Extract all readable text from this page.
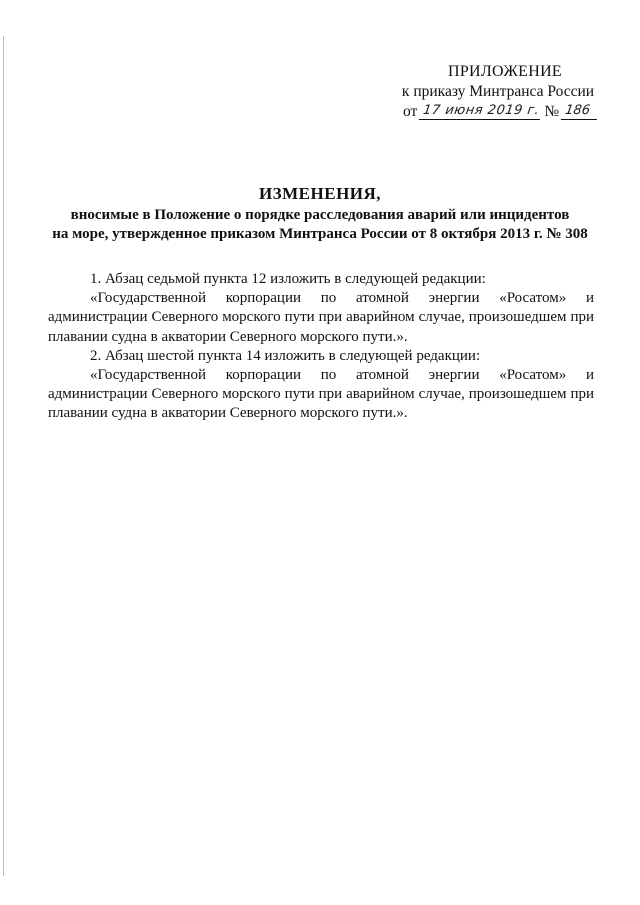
ПРИЛОЖЕНИЕ
к приказу Минтранса России
от 17 июня 2019 г. № 186
ИЗМЕНЕНИЯ,
вносимые в Положение о порядке расследования аварий или инцидентов
на море, утвержденное приказом Минтранса России от 8 октября 2013 г. № 308

1. Абзац седьмой пункта 12 изложить в следующей редакции:

«Государственной корпорации по атомной энергии «Росатом» и администрации Северного морского пути при аварийном случае, произошедшем при плавании судна в акватории Северного морского пути.».

2. Абзац шестой пункта 14 изложить в следующей редакции:

«Государственной корпорации по атомной энергии «Росатом» и администрации Северного морского пути при аварийном случае, произошедшем при плавании судна в акватории Северного морского пути.».
